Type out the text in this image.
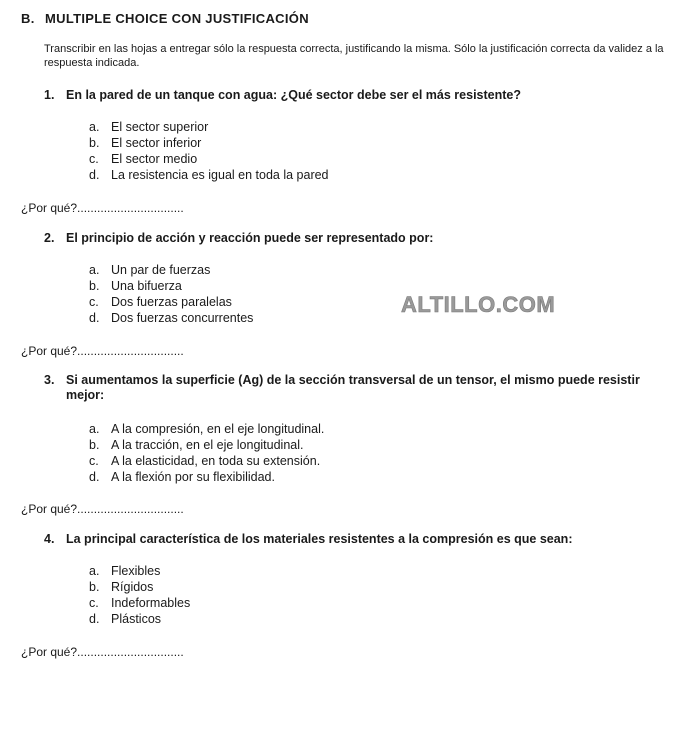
B. MULTIPLE CHOICE CON JUSTIFICACIÓN
Transcribir en las hojas a entregar sólo la respuesta correcta, justificando la misma. Sólo la justificación correcta da validez a la respuesta indicada.
1. En la pared de un tanque con agua: ¿Qué sector debe ser el más resistente?
a. El sector superior
b. El sector inferior
c. El sector medio
d. La resistencia es igual en toda la pared
¿Por qué?................................
2. El principio de acción y reacción puede ser representado por:
a. Un par de fuerzas
b. Una bifuerza
c. Dos fuerzas paralelas
d. Dos fuerzas concurrentes
¿Por qué?................................
ALTILLO.COM
3. Si aumentamos la superficie (Ag) de la sección transversal de un tensor, el mismo puede resistir mejor:
a. A la compresión, en el eje longitudinal.
b. A la tracción, en el eje longitudinal.
c. A la elasticidad, en toda su extensión.
d. A la flexión por su flexibilidad.
¿Por qué?................................
4. La principal característica de los materiales resistentes a la compresión es que sean:
a. Flexibles
b. Rígidos
c. Indeformables
d. Plásticos
¿Por qué?................................
